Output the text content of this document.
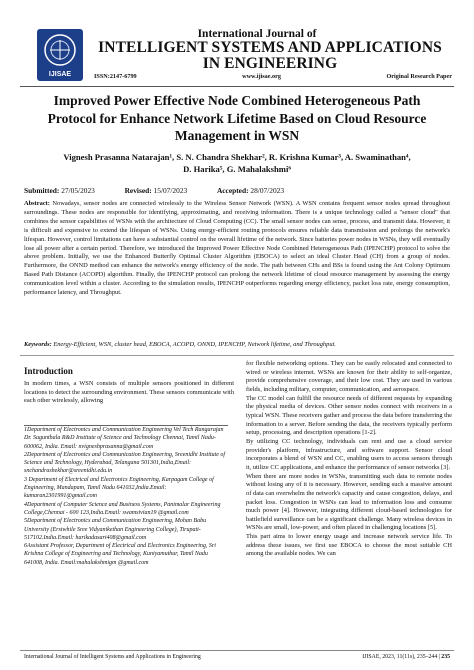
IJISAE
International Journal of
INTELLIGENT SYSTEMS AND APPLICATIONS IN ENGINEERING
ISSN:2147-6799	www.ijisae.org	Original Research Paper
Improved Power Effective Node Combined Heterogeneous Path Protocol for Enhance Network Lifetime Based on Cloud Resource Management in WSN
Vignesh Prasanna Natarajan¹, S. N. Chandra Shekhar², R. Krishna Kumar³, A. Swaminathan⁴,
D. Harika⁵, G. Mahalakshmi⁶
Submitted: 27/05/2023	Revised: 15/07/2023	Accepted: 28/07/2023
Abstract: Nowadays, sensor nodes are connected wirelessly to the Wireless Sensor Network (WSN). A WSN contains frequent sensor nodes spread throughout surroundings. These nodes are responsible for identifying, approximating, and receiving information. There is a unique technology called a "sensor cloud" that combines the sensor capabilities of WSNs with the architecture of Cloud Computing (CC). The small sensor nodes can sense, process, and transmit data. However, it is difficult and expensive to extend the lifespan of WSNs. Using energy-efficient routing protocols ensures reliable data transmission and prolongs the network's lifespan. However, control limitations can have a substantial control on the overall lifetime of the network. Since batteries power nodes in WSNs, they will eventually lose all power after a certain period. Therefore, we introduced the Improved Power Effective Node Combined Heterogeneous Path (IPENCHP) protocol to solve the above problem. Initially, we use the Enhanced Butterfly Optimal Cluster Algorithm (EBOCA) to select an ideal Cluster Head (CH) from a group of nodes. Furthermore, the ONND method can enhance the network's energy efficiency of the node. The path between CHs and BSs is found using the Ant Colony Optimum Based Path Distance (ACOPD) algorithm. Finally, the IPENCHP protocol can prolong the network lifetime of cloud resource management by assessing the energy communication level within a cluster. According to the simulation results, IPENCHP outperforms regarding energy efficiency, packet loss rate, energy consumption, performance latency, and Throughput.
Keywords: Energy-Efficient, WSN, cluster head, EBOCA, ACOPD, ONND, IPENCHP, Network lifetime, and Throughput.
Introduction

In modern times, a WSN consists of multiple sensors positioned in different locations to detect the surrounding environment. These sensors communicate with each other wirelessly, allowing

1Department of Electronics and Communication Engineering Vel Tech Rangarajan Dr. Sagunthala R&D Institute of Science and Technology Chennai, Tamil Nadu-600062, India. Email: nvigneshprasanna@gmail.com

2Department of Electronics and Communication Engineering, Sreenidhi Institute of Science and Technology, Hyderabad, Telangana 501301,India,Email: snchandrashekhar@sreenidhi.edu.in

3 Department of Electrical and Electronics Engineering, Karpagam College of Engineering, Mandapam, Tamil Nadu 641032,India.Email: kumaran2301991@gmail.com

4Department of Computer Science and Business Systems, Panimalar Engineering College,Chennai - 600 123,India.Email: swamsivian19 @gmail.com

5Department of Electronics and Communication Engineering, Mohan Babu University (Erstwhile Sree Vidyanikethan Engineering College), Tirupati-517102.India.Email: harikadasari408@gmail.com

6Assistant Professor, Department of Electrical and Electronics Engineering, Sri Krishna College of Engineering and Technology, Kuniyamuthur, Tamil Nadu 641008, India. Email:mahalakshmigm @gmail.com

for flexible networking options. They can be easily relocated and connected to wired or wireless internet. WSNs are known for their ability to self-organize, provide comprehensive coverage, and their low cost. They are used in various fields, including military, computer, communication, and aerospace.

The CC model can fulfill the resource needs of different requests by expanding the physical media of devices. Other sensor nodes connect with receivers in a typical WSN. These receivers gather and process the data before transferring the information to a server. Before sending the data, the receivers typically perform setup, processing, and description operations [1-2].

By utilizing CC technology, individuals can rent and use a cloud service provider's platform, infrastructure, and software support. Sensor cloud incorporates a blend of WSN and CC, enabling users to access sensors through it, utilize CC applications, and enhance the performance of sensor networks [3].

When there are more nodes in WSNs, transmitting such data to remote nodes without losing any of it is necessary. However, sending such a massive amount of data can overwhelm the network's capacity and cause congestion, delays, and packet loss. Congestion in WSNs can lead to information loss and consume much power [4]. However, integrating different cloud-based technologies for battlefield surveillance can be a significant challenge. Many wireless devices in WSNs are small, low-power, and often placed in challenging locations [5].

This part aims to lower energy usage and increase network service life. To address these issues, we first use EBOCA to choose the most suitable CH among the available nodes. We can

International Journal of Intelligent Systems and Applications in Engineering	IJISAE, 2023, 11(11s), 235–244 | 235
